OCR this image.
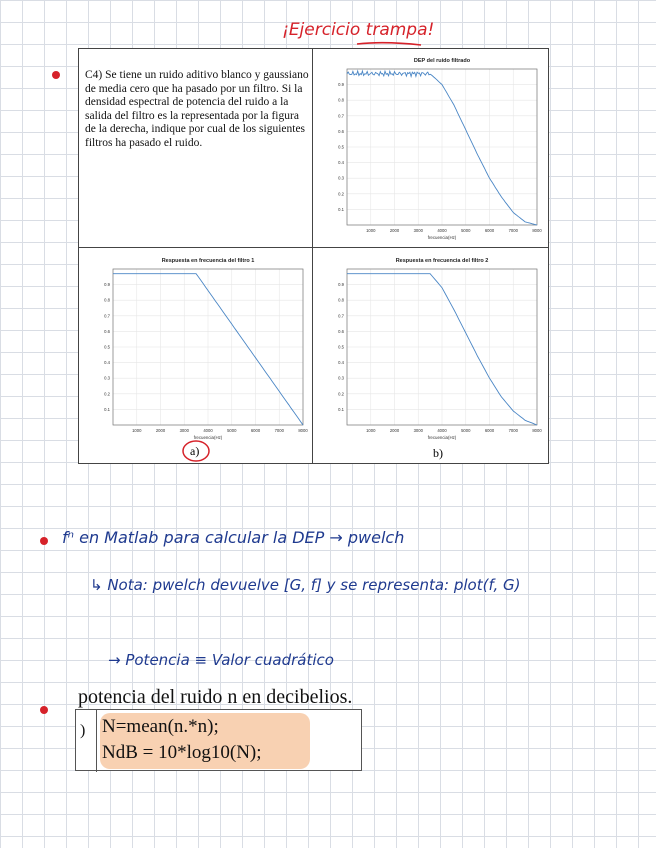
¡Ejercicio trampa!
C4) Se tiene un ruido aditivo blanco y gaussiano de media cero que ha pasado por un filtro. Si la densidad espectral de potencia del ruido a la salida del filtro es la representada por la figura de la derecha, indique por cual de los siguientes filtros ha pasado el ruido.
DEP del ruido filtrado
1000	2000	3000	4000	5000	6000	7000	8000
0.1
0.2
0.3
0.4
0.5
0.6
0.7
0.8
0.9
frecuencia(Hz)
Respuesta en frecuencia del filtro 1
1000	2000	3000	4000	5000	6000	7000	8000
0.1
0.2
0.3
0.4
0.5
0.6
0.7
0.8
0.9
frecuencia(Hz)
Respuesta en frecuencia del filtro 2
1000	2000	3000	4000	5000	6000	7000	8000
0.1
0.2
0.3
0.4
0.5
0.6
0.7
0.8
0.9
frecuencia(Hz)
a)	b)
fⁿ en Matlab para calcular la DEP → pwelch
↳ Nota: pwelch devuelve [G, f] y se representa: plot(f, G)
→ Potencia ≡ Valor cuadrático
potencia del ruido n en decibelios.
N=mean(n.*n);
NdB = 10*log10(N);
)
